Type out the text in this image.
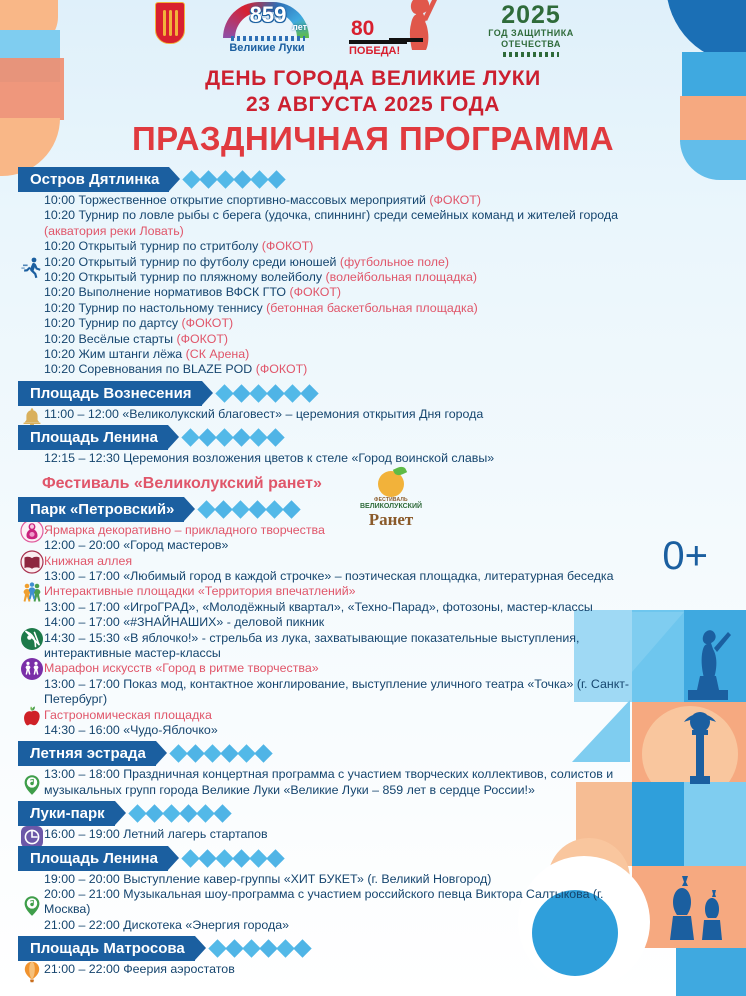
859 лет
Великие Луки
80
ПОБЕДА!
2025
ГОД ЗАЩИТНИКА
ОТЕЧЕСТВА
ДЕНЬ ГОРОДА ВЕЛИКИЕ ЛУКИ
23 АВГУСТА 2025 ГОДА
ПРАЗДНИЧНАЯ ПРОГРАММА
0+
Остров Дятлинка
10:00 Торжественное открытие спортивно-массовых мероприятий (ФОКОТ)
10:20 Турнир по ловле рыбы с берега (удочка, спиннинг) среди семейных команд и жителей города (акватория реки Ловать)
10:20 Открытый турнир по стритболу (ФОКОТ)
10:20 Открытый турнир по футболу среди юношей (футбольное поле)
10:20 Открытый турнир по пляжному волейболу (волейбольная площадка)
10:20 Выполнение нормативов ВФСК ГТО (ФОКОТ)
10:20 Турнир по настольному теннису (бетонная баскетбольная площадка)
10:20 Турнир по дартсу (ФОКОТ)
10:20 Весёлые старты (ФОКОТ)
10:20 Жим штанги лёжа (СК Арена)
10:20 Соревнования по BLAZE POD (ФОКОТ)
Площадь Вознесения
11:00 – 12:00 «Великолукский благовест» – церемония открытия Дня города
Площадь Ленина
12:15 – 12:30 Церемония возложения цветов к стеле «Город воинской славы»
Фестиваль «Великолукский ранет»
Парк «Петровский»
ФЕСТИВАЛЬ
ВЕЛИКОЛУКСКИЙ
Ранет
Ярмарка декоративно – прикладного творчества
12:00 – 20:00 «Город мастеров»
Книжная аллея
13:00 – 17:00 «Любимый город в каждой строчке» – поэтическая площадка, литературная беседка
Интерактивные площадки «Территория впечатлений»
13:00 – 17:00 «ИгроГРАД», «Молодёжный квартал», «Техно-Парад», фотозоны, мастер-классы
14:00 – 17:00 «#ЗНАЙНАШИХ» - деловой пикник
14:30 – 15:30 «В яблочко!» - стрельба из лука, захватывающие показательные выступления, интерактивные мастер-классы
Марафон искусств «Город в ритме творчества»
13:00 – 17:00 Показ мод, контактное жонглирование, выступление уличного театра «Точка» (г. Санкт-Петербург)
Гастрономическая площадка
14:30 – 16:00 «Чудо-Яблочко»
Летняя эстрада
13:00 – 18:00 Праздничная концертная программа с участием творческих коллективов, солистов и музыкальных групп города Великие Луки «Великие Луки – 859 лет в сердце России!»
Луки-парк
16:00 – 19:00 Летний лагерь стартапов
Площадь Ленина
19:00 – 20:00 Выступление кавер-группы «ХИТ БУКЕТ» (г. Великий Новгород)
20:00 – 21:00 Музыкальная шоу-программа с участием российского певца Виктора Салтыкова (г. Москва)
21:00 – 22:00 Дискотека «Энергия города»
Площадь Матросова
21:00 – 22:00 Феерия аэростатов
